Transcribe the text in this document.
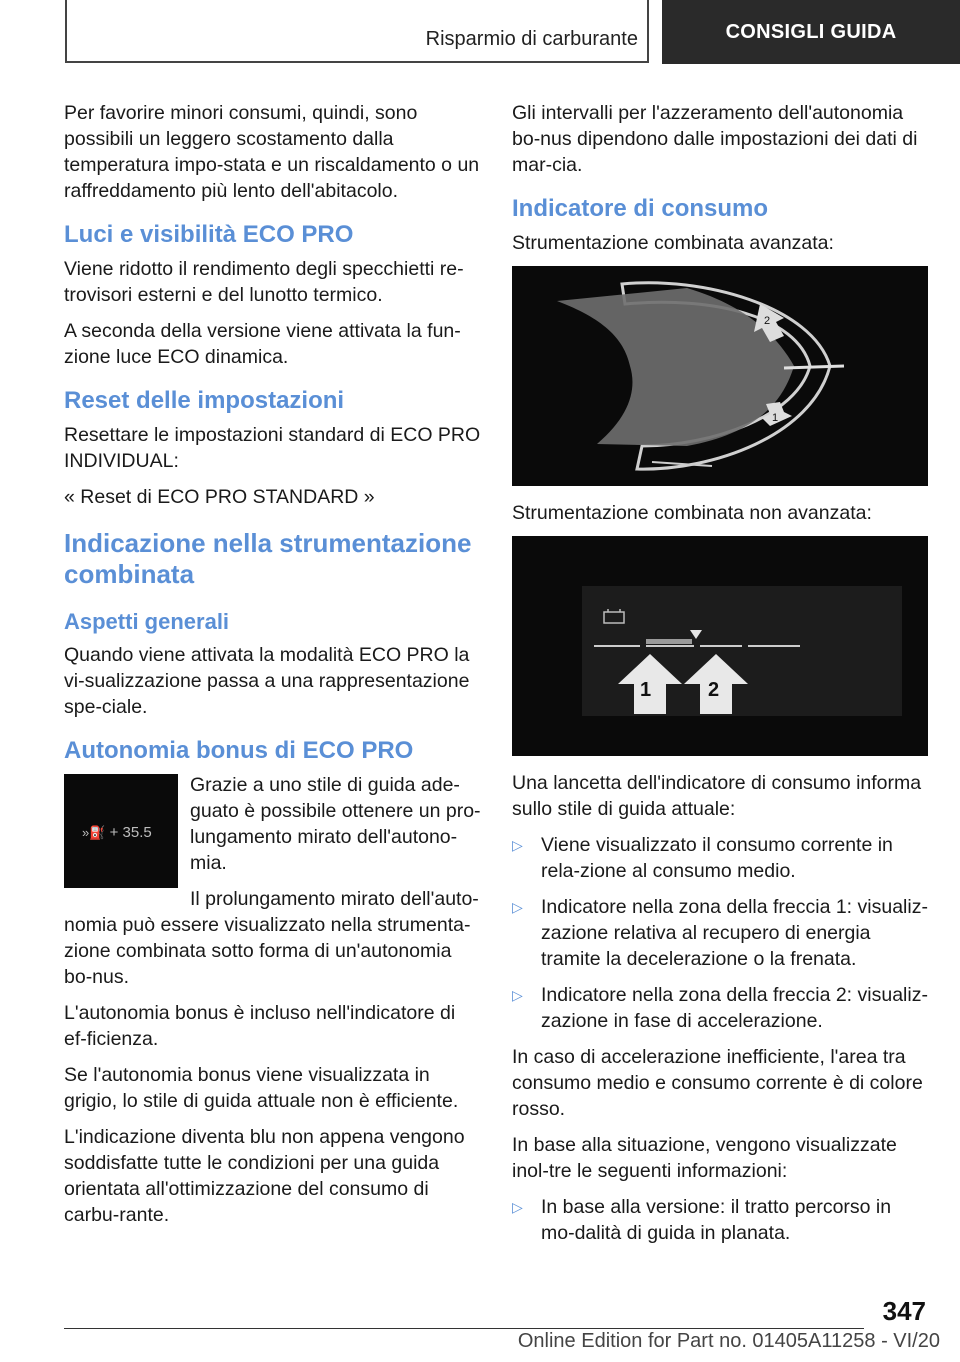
Risparmio di carburante	CONSIGLI GUIDA

Per favorire minori consumi, quindi, sono possibili un leggero scostamento dalla temperatura impo-stata e un riscaldamento o un raffreddamento più lento dell'abitacolo.

Luci e visibilità ECO PRO

Viene ridotto il rendimento degli specchietti re-trovisori esterni e del lunotto termico.

A seconda della versione viene attivata la fun-zione luce ECO dinamica.

Reset delle impostazioni

Resettare le impostazioni standard di ECO PRO INDIVIDUAL:

« Reset di ECO PRO STANDARD »

Indicazione nella strumentazione combinata
Aspetti generali

Quando viene attivata la modalità ECO PRO la vi-sualizzazione passa a una rappresentazione spe-ciale.

Autonomia bonus di ECO PRO
»⛽ + 35.5

Grazie a uno stile di guida ade-guato è possibile ottenere un pro-lungamento mirato dell'autono-mia.

Il prolungamento mirato dell'auto-nomia può essere visualizzato nella strumenta-zione combinata sotto forma di un'autonomia bo-nus.

L'autonomia bonus è incluso nell'indicatore di ef-ficienza.

Se l'autonomia bonus viene visualizzata in grigio, lo stile di guida attuale non è efficiente.

L'indicazione diventa blu non appena vengono soddisfatte tutte le condizioni per una guida orientata all'ottimizzazione del consumo di carbu-rante.

Gli intervalli per l'azzeramento dell'autonomia bo-nus dipendono dalle impostazioni dei dati di mar-cia.

Indicatore di consumo

Strumentazione combinata avanzata:

2
1

Strumentazione combinata non avanzata:

1	2

Una lancetta dell'indicatore di consumo informa sullo stile di guida attuale:

▷ Viene visualizzato il consumo corrente in rela-zione al consumo medio.
▷ Indicatore nella zona della freccia 1: visualiz-zazione relativa al recupero di energia tramite la decelerazione o la frenata.
▷ Indicatore nella zona della freccia 2: visualiz-zazione in fase di accelerazione.

In caso di accelerazione inefficiente, l'area tra consumo medio e consumo corrente è di colore rosso.

In base alla situazione, vengono visualizzate inol-tre le seguenti informazioni:

▷ In base alla versione: il tratto percorso in mo-dalità di guida in planata.
347
Online Edition for Part no. 01405A11258 - VI/20
